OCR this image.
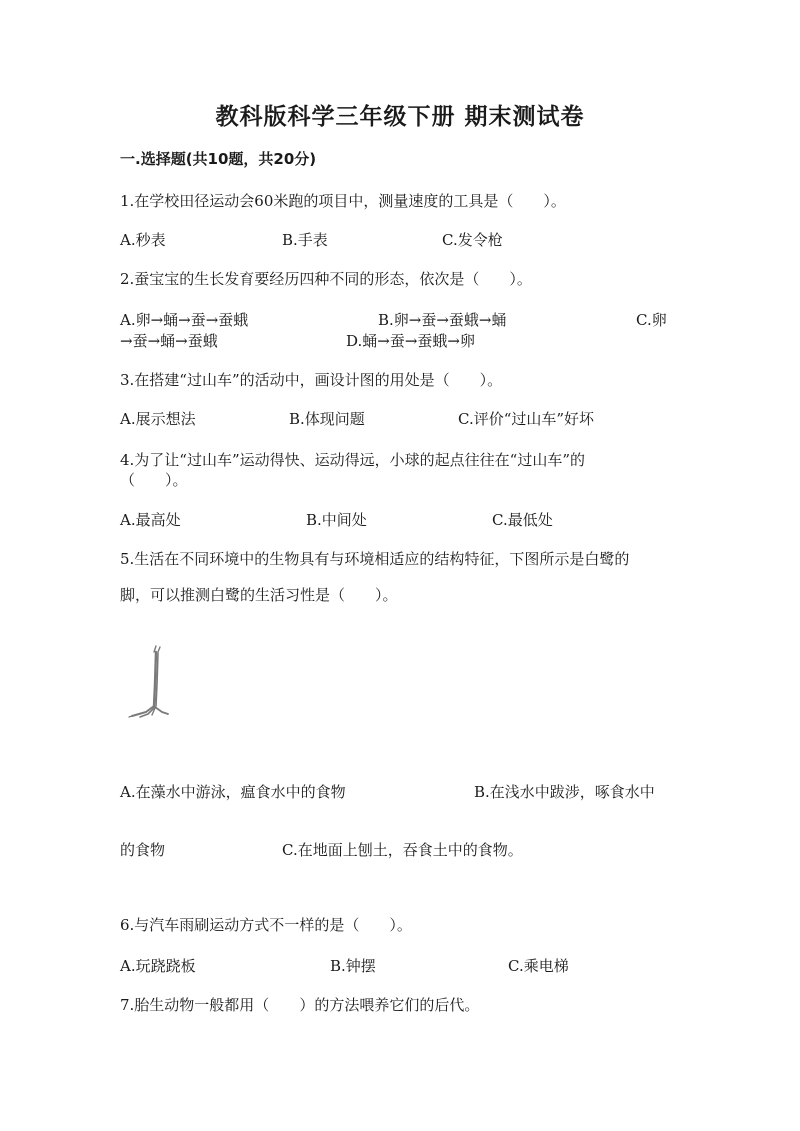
教科版科学三年级下册 期末测试卷
一.选择题(共10题，共20分)
1.在学校田径运动会60米跑的项目中，测量速度的工具是（　　）。
A.秒表	B.手表	C.发令枪
2.蚕宝宝的生长发育要经历四种不同的形态，依次是（　　）。
A.卵→蛹→蚕→蚕蛾	B.卵→蚕→蚕蛾→蛹	C.卵
→蚕→蛹→蚕蛾	D.蛹→蚕→蚕蛾→卵
3.在搭建“过山车”的活动中，画设计图的用处是（　　）。
A.展示想法	B.体现问题	C.评价“过山车”好坏
4.为了让“过山车”运动得快、运动得远，小球的起点往往在“过山车”的
（　　）。
A.最高处	B.中间处	C.最低处
5.生活在不同环境中的生物具有与环境相适应的结构特征，下图所示是白鹭的
脚，可以推测白鹭的生活习性是（　　）。
A.在藻水中游泳，瘟食水中的食物	B.在浅水中跋涉，啄食水中
的食物	C.在地面上刨土，吞食土中的食物。
6.与汽车雨刷运动方式不一样的是（　　）。
A.玩跷跷板	B.钟摆	C.乘电梯
7.胎生动物一般都用（　　）的方法喂养它们的后代。
